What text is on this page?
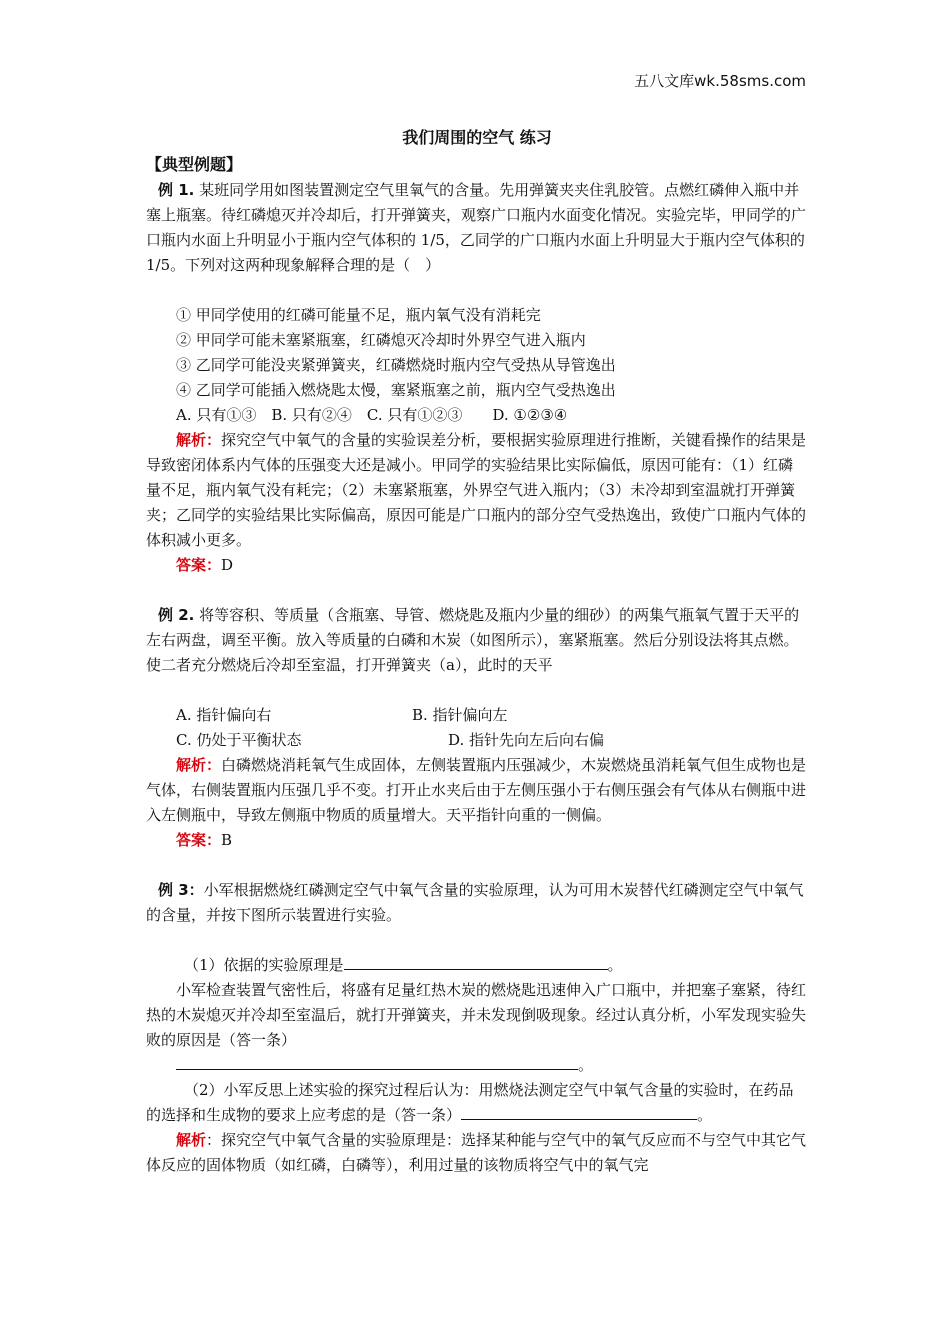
五八文库wk.58sms.com

我们周围的空气 练习

【典型例题】

例 1. 某班同学用如图装置测定空气里氧气的含量。先用弹簧夹夹住乳胶管。点燃红磷伸入瓶中并塞上瓶塞。待红磷熄灭并冷却后，打开弹簧夹，观察广口瓶内水面变化情况。实验完毕，甲同学的广口瓶内水面上升明显小于瓶内空气体积的 1/5，乙同学的广口瓶内水面上升明显大于瓶内空气体积的 1/5。下列对这两种现象解释合理的是（　）

① 甲同学使用的红磷可能量不足，瓶内氧气没有消耗完

② 甲同学可能未塞紧瓶塞，红磷熄灭冷却时外界空气进入瓶内

③ 乙同学可能没夹紧弹簧夹，红磷燃烧时瓶内空气受热从导管逸出

④ 乙同学可能插入燃烧匙太慢，塞紧瓶塞之前，瓶内空气受热逸出

A. 只有①③　B. 只有②④　C. 只有①②③　　D. ①②③④

解析：探究空气中氧气的含量的实验误差分析，要根据实验原理进行推断，关键看操作的结果是导致密闭体系内气体的压强变大还是减小。甲同学的实验结果比实际偏低，原因可能有：（1）红磷量不足，瓶内氧气没有耗完；（2）未塞紧瓶塞，外界空气进入瓶内；（3）未冷却到室温就打开弹簧夹；乙同学的实验结果比实际偏高，原因可能是广口瓶内的部分空气受热逸出，致使广口瓶内气体的体积减小更多。

答案：D

例 2. 将等容积、等质量（含瓶塞、导管、燃烧匙及瓶内少量的细砂）的两集气瓶氧气置于天平的左右两盘，调至平衡。放入等质量的白磷和木炭（如图所示），塞紧瓶塞。然后分别设法将其点燃。使二者充分燃烧后冷却至室温，打开弹簧夹（a），此时的天平

A. 指针偏向右	B. 指针偏向左
C. 仍处于平衡状态	D. 指针先向左后向右偏

解析：白磷燃烧消耗氧气生成固体，左侧装置瓶内压强减少，木炭燃烧虽消耗氧气但生成物也是气体，右侧装置瓶内压强几乎不变。打开止水夹后由于左侧压强小于右侧压强会有气体从右侧瓶中进入左侧瓶中，导致左侧瓶中物质的质量增大。天平指针向重的一侧偏。

答案：B

例 3：小军根据燃烧红磷测定空气中氧气含量的实验原理，认为可用木炭替代红磷测定空气中氧气的含量，并按下图所示装置进行实验。

（1）依据的实验原理是	。

小军检查装置气密性后，将盛有足量红热木炭的燃烧匙迅速伸入广口瓶中，并把塞子塞紧，待红热的木炭熄灭并冷却至室温后，就打开弹簧夹，并未发现倒吸现象。经过认真分析，小军发现实验失败的原因是（答一条）

。

（2）小军反思上述实验的探究过程后认为：用燃烧法测定空气中氧气含量的实验时，在药品的选择和生成物的要求上应考虑的是（答一条）	。

解析：探究空气中氧气含量的实验原理是：选择某种能与空气中的氧气反应而不与空气中其它气体反应的固体物质（如红磷，白磷等），利用过量的该物质将空气中的氧气完
